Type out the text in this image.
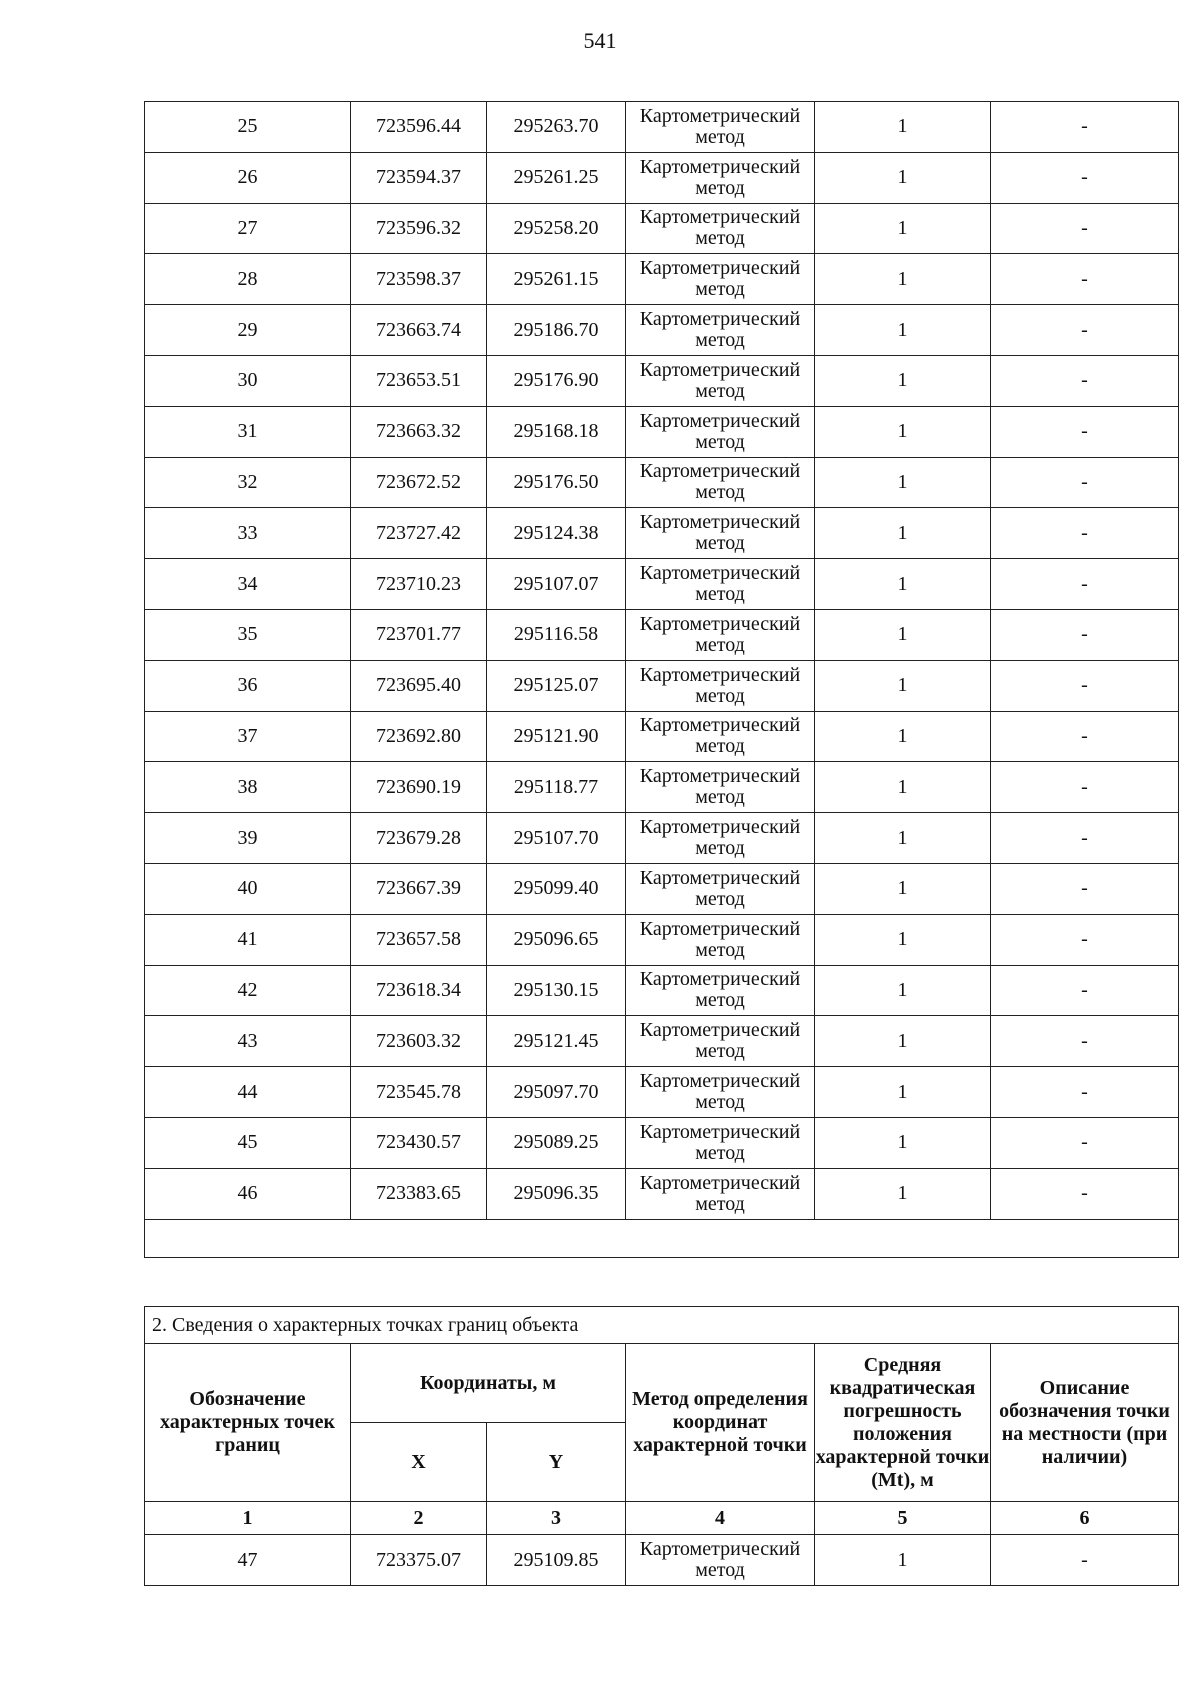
541
25	723596.44	295263.70	Картометрический метод	1	-
26	723594.37	295261.25	Картометрический метод	1	-
27	723596.32	295258.20	Картометрический метод	1	-
28	723598.37	295261.15	Картометрический метод	1	-
29	723663.74	295186.70	Картометрический метод	1	-
30	723653.51	295176.90	Картометрический метод	1	-
31	723663.32	295168.18	Картометрический метод	1	-
32	723672.52	295176.50	Картометрический метод	1	-
33	723727.42	295124.38	Картометрический метод	1	-
34	723710.23	295107.07	Картометрический метод	1	-
35	723701.77	295116.58	Картометрический метод	1	-
36	723695.40	295125.07	Картометрический метод	1	-
37	723692.80	295121.90	Картометрический метод	1	-
38	723690.19	295118.77	Картометрический метод	1	-
39	723679.28	295107.70	Картометрический метод	1	-
40	723667.39	295099.40	Картометрический метод	1	-
41	723657.58	295096.65	Картометрический метод	1	-
42	723618.34	295130.15	Картометрический метод	1	-
43	723603.32	295121.45	Картометрический метод	1	-
44	723545.78	295097.70	Картометрический метод	1	-
45	723430.57	295089.25	Картометрический метод	1	-
46	723383.65	295096.35	Картометрический метод	1	-

2. Сведения о характерных точках границ объекта					
Обозначение характерных точек границ	Координаты, м		Метод определения координат характерной точки	Средняя квадратическая погрешность положения характерной точки (Mt), м	Описание обозначения точки на местности (при наличии)
	X	Y			
1	2	3	4	5	6
47	723375.07	295109.85	Картометрический метод	1	-
